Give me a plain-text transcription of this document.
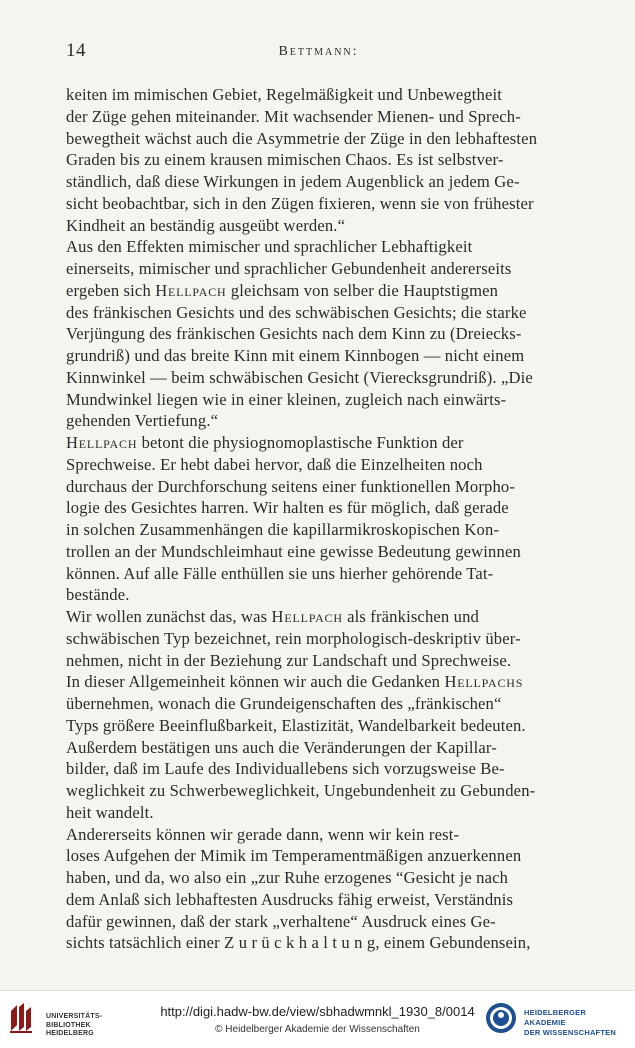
14	Bettmann:

keiten im mimischen Gebiet, Regelmäßigkeit und Unbewegtheit
der Züge gehen miteinander. Mit wachsender Mienen- und Sprech-
bewegtheit wächst auch die Asymmetrie der Züge in den lebhaftesten
Graden bis zu einem krausen mimischen Chaos. Es ist selbstver-
ständlich, daß diese Wirkungen in jedem Augenblick an jedem Ge-
sicht beobachtbar, sich in den Zügen fixieren, wenn sie von frühester
Kindheit an beständig ausgeübt werden.“

Aus den Effekten mimischer und sprachlicher Lebhaftigkeit
einerseits, mimischer und sprachlicher Gebundenheit andererseits
ergeben sich Hellpach gleichsam von selber die Hauptstigmen
des fränkischen Gesichts und des schwäbischen Gesichts; die starke
Verjüngung des fränkischen Gesichts nach dem Kinn zu (Dreiecks-
grundriß) und das breite Kinn mit einem Kinnbogen — nicht einem
Kinnwinkel — beim schwäbischen Gesicht (Vierecksgrundriß). „Die
Mundwinkel liegen wie in einer kleinen, zugleich nach einwärts-
gehenden Vertiefung.“

Hellpach betont die physiognomoplastische Funktion der
Sprechweise. Er hebt dabei hervor, daß die Einzelheiten noch
durchaus der Durchforschung seitens einer funktionellen Morpho-
logie des Gesichtes harren. Wir halten es für möglich, daß gerade
in solchen Zusammenhängen die kapillarmikroskopischen Kon-
trollen an der Mundschleimhaut eine gewisse Bedeutung gewinnen
können. Auf alle Fälle enthüllen sie uns hierher gehörende Tat-
bestände.

Wir wollen zunächst das, was Hellpach als fränkischen und
schwäbischen Typ bezeichnet, rein morphologisch-deskriptiv über-
nehmen, nicht in der Beziehung zur Landschaft und Sprechweise.
In dieser Allgemeinheit können wir auch die Gedanken Hellpachs
übernehmen, wonach die Grundeigenschaften des „fränkischen“
Typs größere Beeinflußbarkeit, Elastizität, Wandelbarkeit bedeuten.

Außerdem bestätigen uns auch die Veränderungen der Kapillar-
bilder, daß im Laufe des Individuallebens sich vorzugsweise Be-
weglichkeit zu Schwerbeweglichkeit, Ungebundenheit zu Gebunden-
heit wandelt.

Andererseits können wir gerade dann, wenn wir kein rest-
loses Aufgehen der Mimik im Temperamentmäßigen anzuerkennen
haben, und da, wo also ein „zur Ruhe erzogenes “Gesicht je nach
dem Anlaß sich lebhaftesten Ausdrucks fähig erweist, Verständnis
dafür gewinnen, daß der stark „verhaltene“ Ausdruck eines Ge-
sichts tatsächlich einer Z u r ü c k h a l t u n g, einem Gebundensein,

UNIVERSITÄTS-
BIBLIOTHEK
HEIDELBERG
http://digi.hadw-bw.de/view/sbhadwmnkl_1930_8/0014
© Heidelberger Akademie der Wissenschaften
HEIDELBERGER AKADEMIE
DER WISSENSCHAFTEN
